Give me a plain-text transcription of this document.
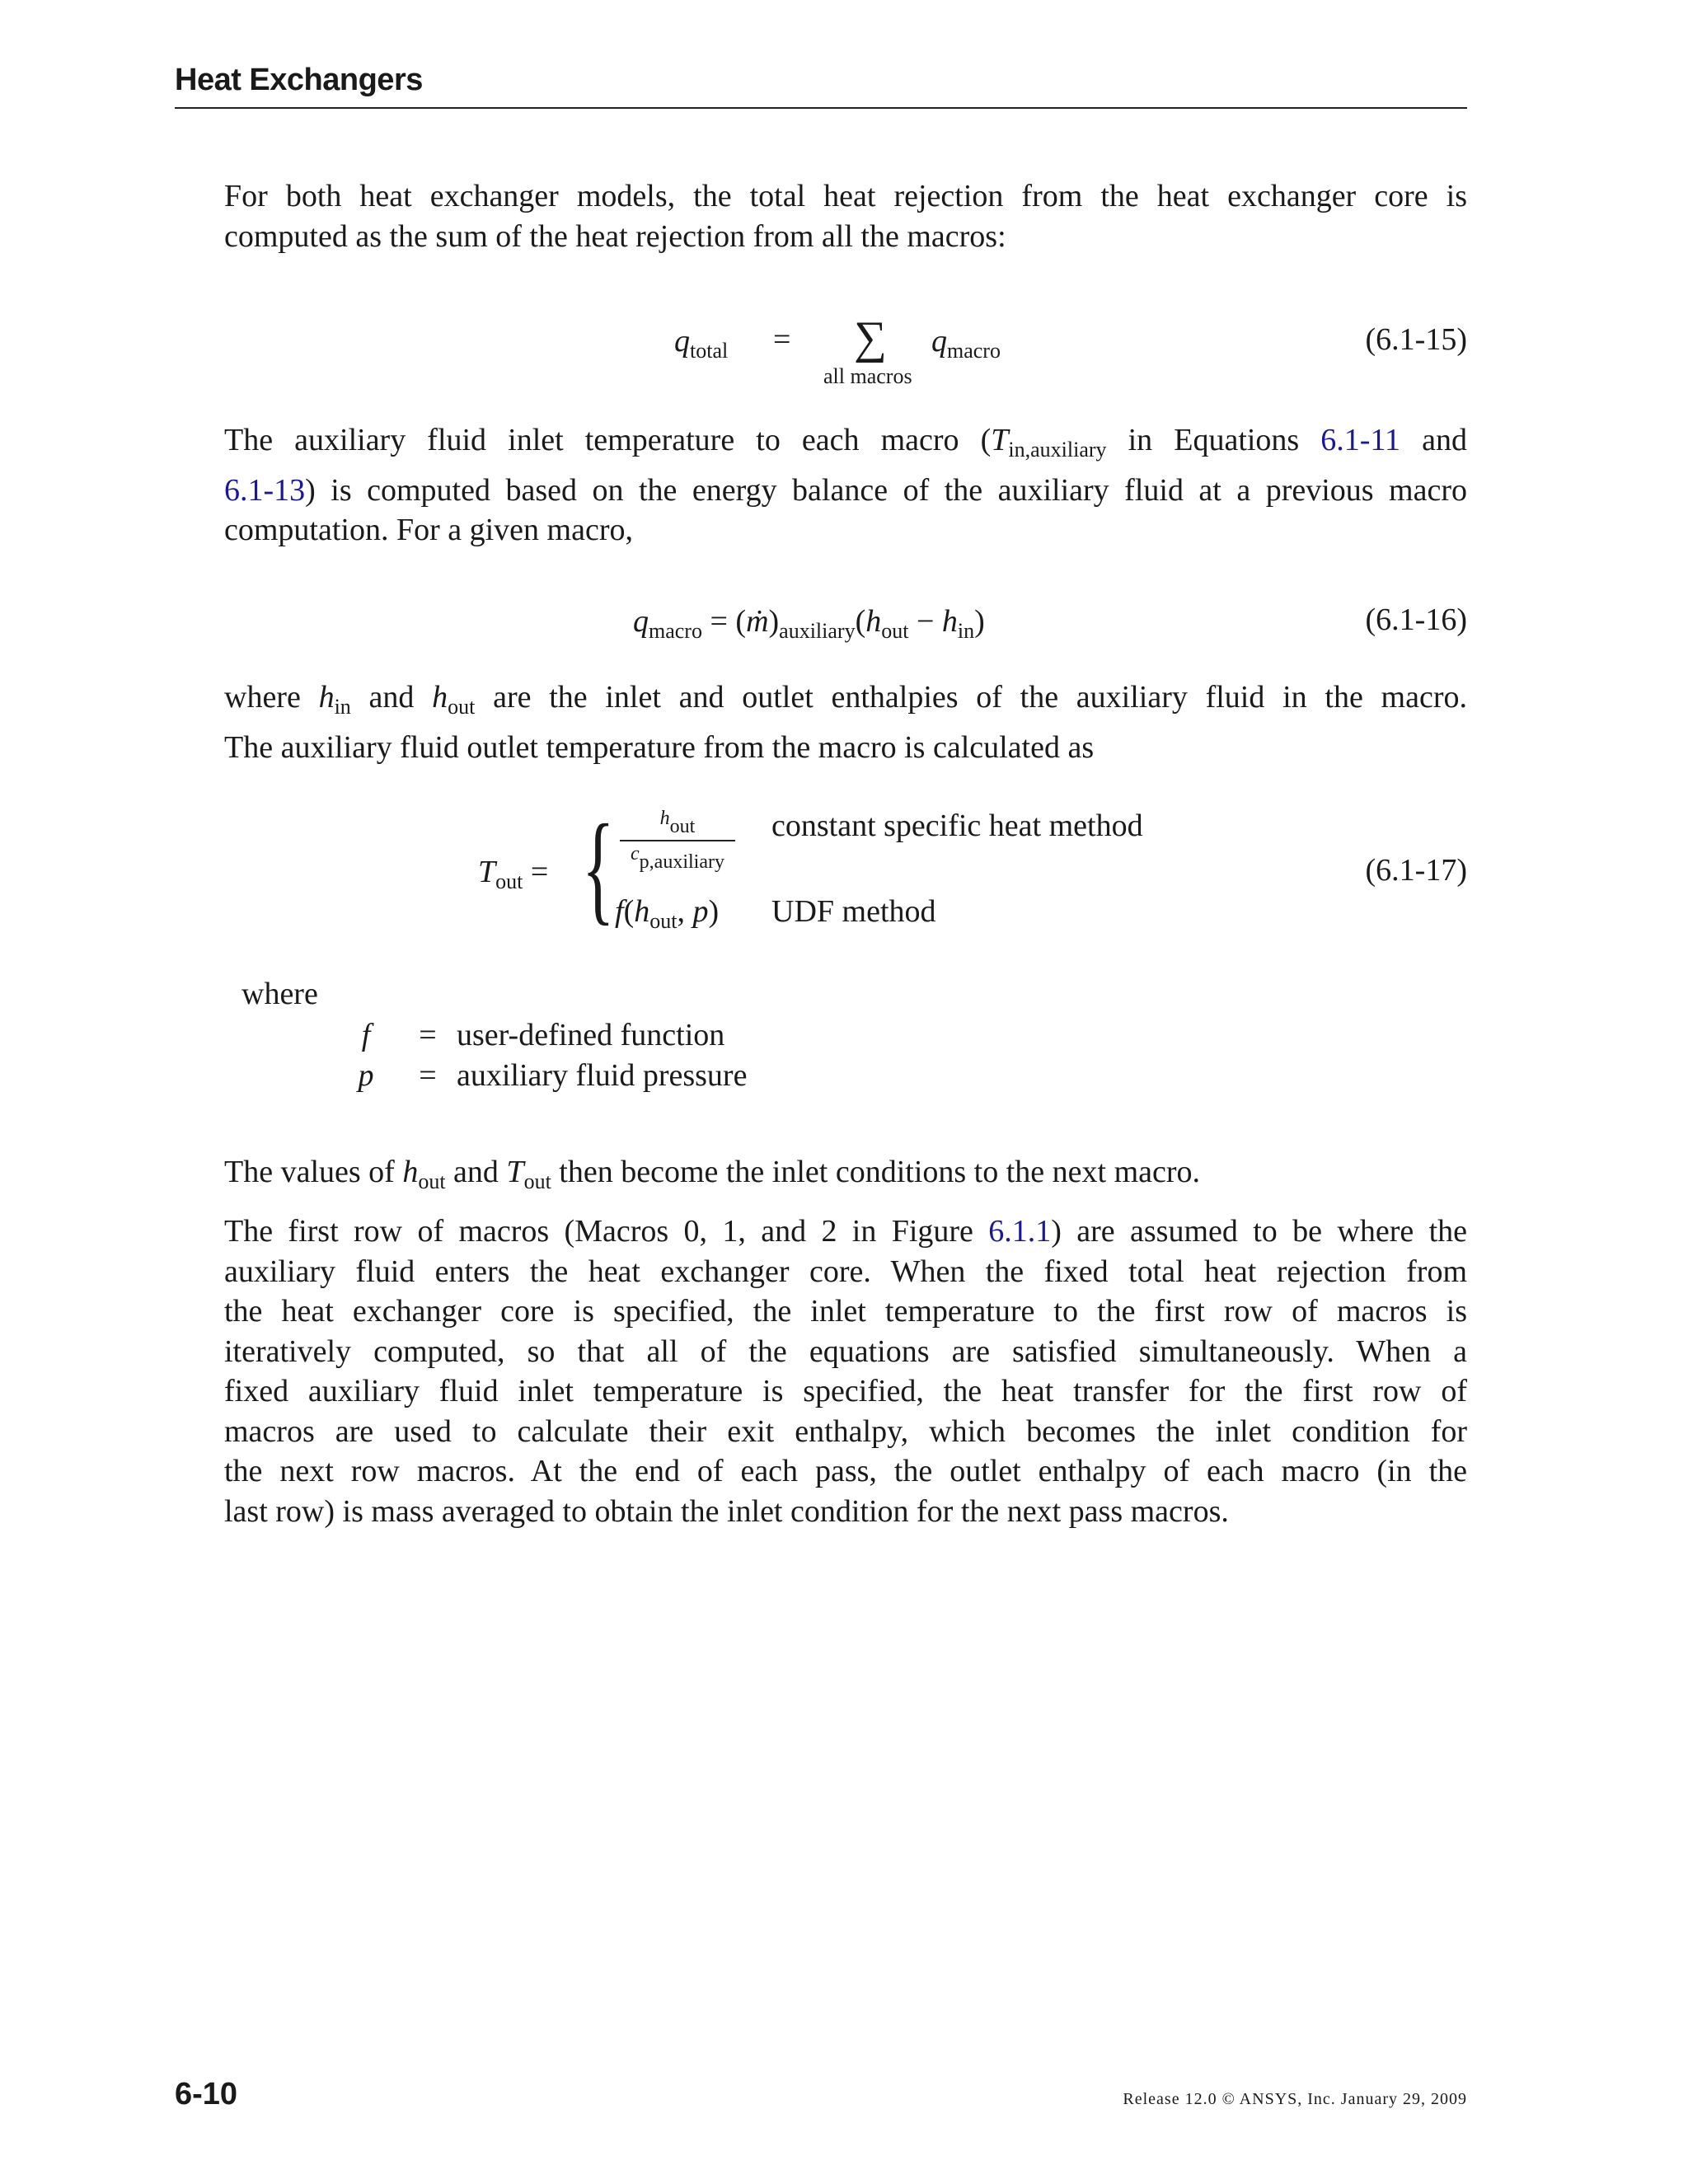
Heat Exchangers
For both heat exchanger models, the total heat rejection from the heat exchanger core is
computed as the sum of the heat rejection from all the macros:
$q_{total}$ = ∑
all macros
$q_{macro}$	(6.1-15)
The auxiliary fluid inlet temperature to each macro ($T_{in,auxiliary}$ in Equations 6.1-11 and
6.1-13) is computed based on the energy balance of the auxiliary fluid at a previous macro
computation. For a given macro,
$q_{macro}$ = $(ṁ)_{auxiliary}(h_{out} - h_{in})$	(6.1-16)
where $h_{in}$ and $h_{out}$ are the inlet and outlet enthalpies of the auxiliary fluid in the macro.
The auxiliary fluid outlet temperature from the macro is calculated as
$T_{out}$ = {	hout
cp,auxiliary
constant specific heat method
$f(h_{out}$, p) UDF method
(6.1-17)
where
f	= user-defined function
p	= auxiliary fluid pressure
The values of $h_{out}$ and $T_{out}$ then become the inlet conditions to the next macro.
The first row of macros (Macros 0, 1, and 2 in Figure 6.1.1) are assumed to be where the
auxiliary fluid enters the heat exchanger core. When the fixed total heat rejection from
the heat exchanger core is specified, the inlet temperature to the first row of macros is
iteratively computed, so that all of the equations are satisfied simultaneously. When a
fixed auxiliary fluid inlet temperature is specified, the heat transfer for the first row of
macros are used to calculate their exit enthalpy, which becomes the inlet condition for
the next row macros. At the end of each pass, the outlet enthalpy of each macro (in the
last row) is mass averaged to obtain the inlet condition for the next pass macros.
6-10	Release 12.0 © ANSYS, Inc. January 29, 2009
